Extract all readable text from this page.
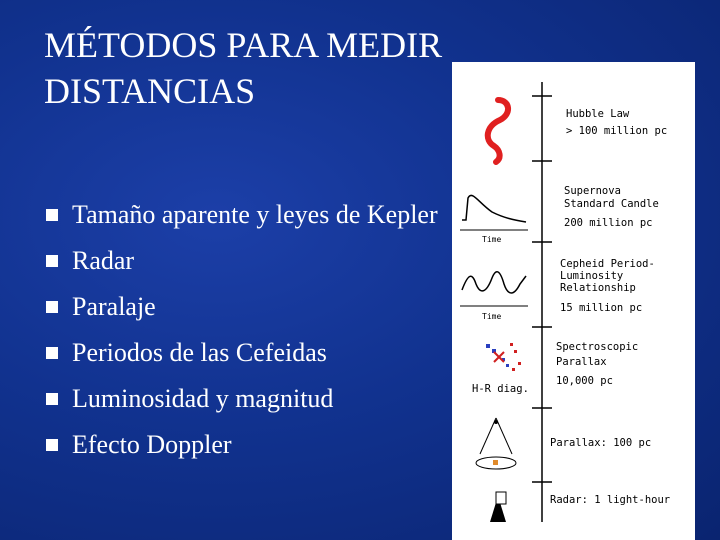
MÉTODOS PARA MEDIR
DISTANCIAS
Tamaño aparente y leyes de Kepler
Radar
Paralaje
Periodos de las Cefeidas
Luminosidad y magnitud
Efecto Doppler
Hubble Law
> 100 million pc
Supernova
Standard Candle
200 million pc
Cepheid Period-
Luminosity
Relationship
15 million pc
Spectroscopic
Parallax
10,000 pc
Parallax: 100 pc
Radar: 1 light-hour
Time
Time
H-R diag.
